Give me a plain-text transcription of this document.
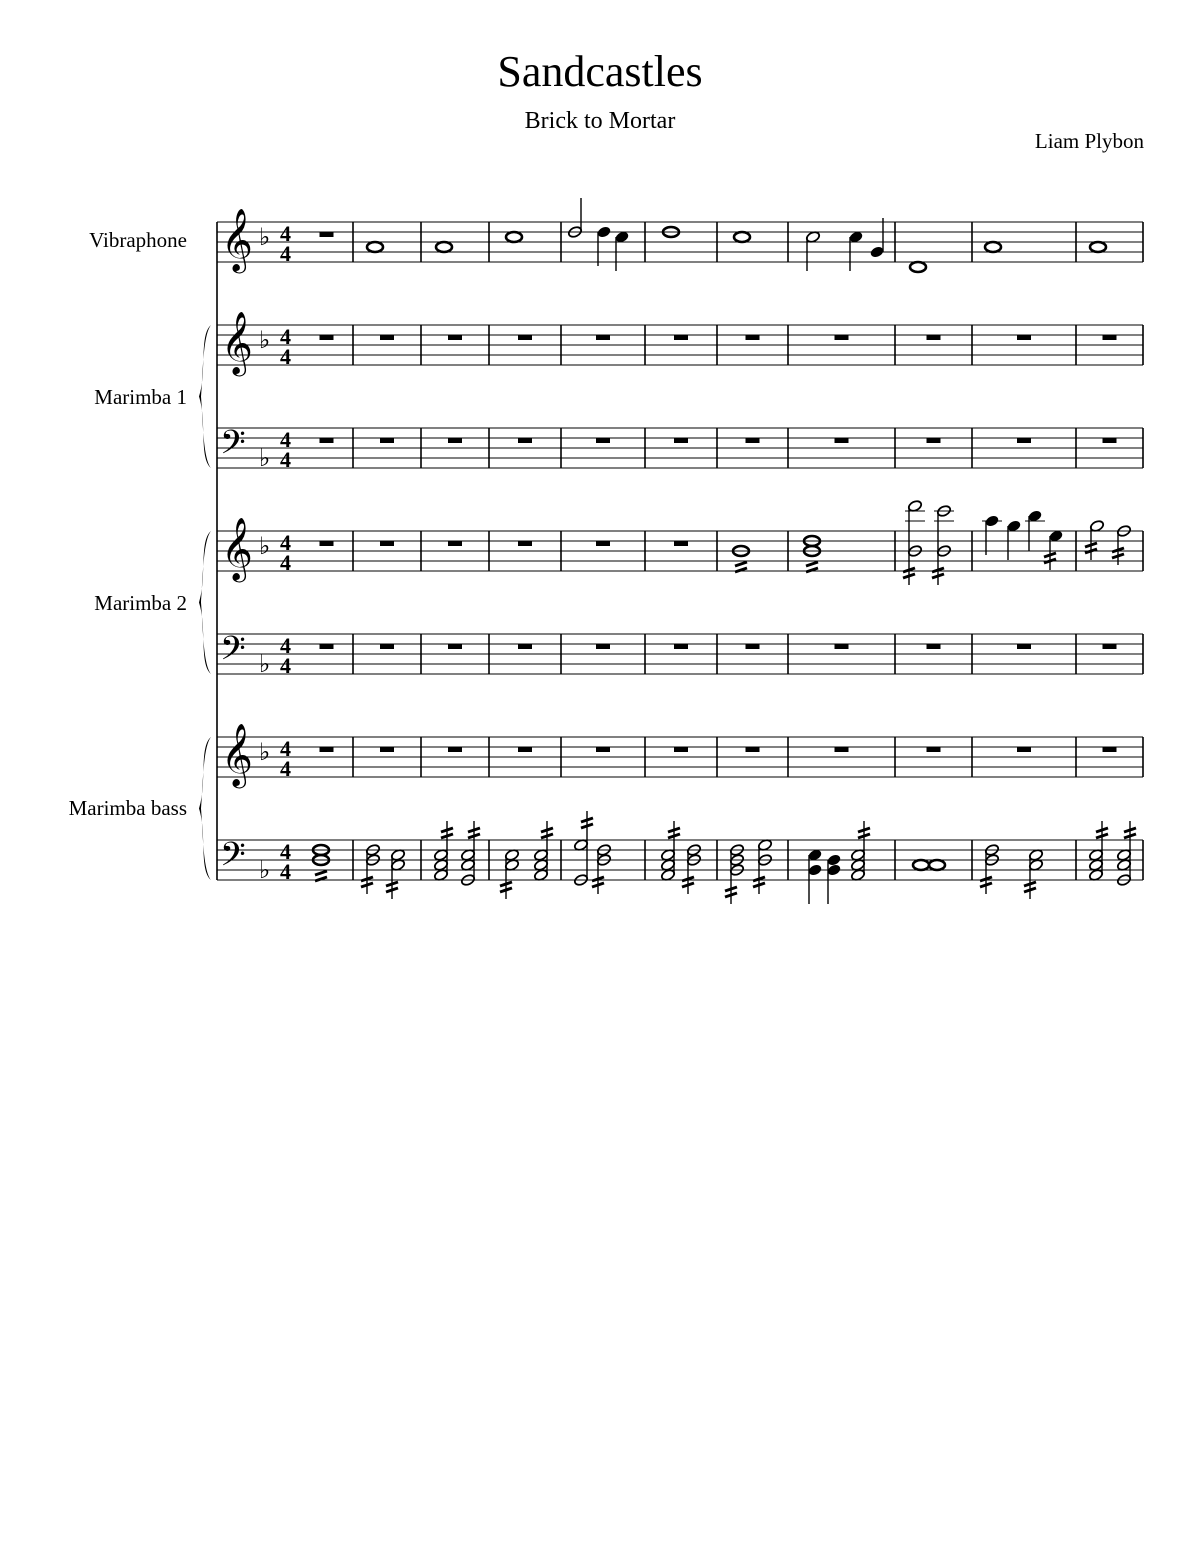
Sandcastles
Brick to Mortar
Liam Plybon
Vibraphone
Marimba 1
Marimba 2
Marimba bass
𝄞 ♭ 4
4
𝄞 ♭ 4
4
𝄢 ♭
4
4
𝄞 ♭ 4
4
𝄢 ♭
4
4
𝄞 ♭ 4
4
𝄢 ♭
4
4
